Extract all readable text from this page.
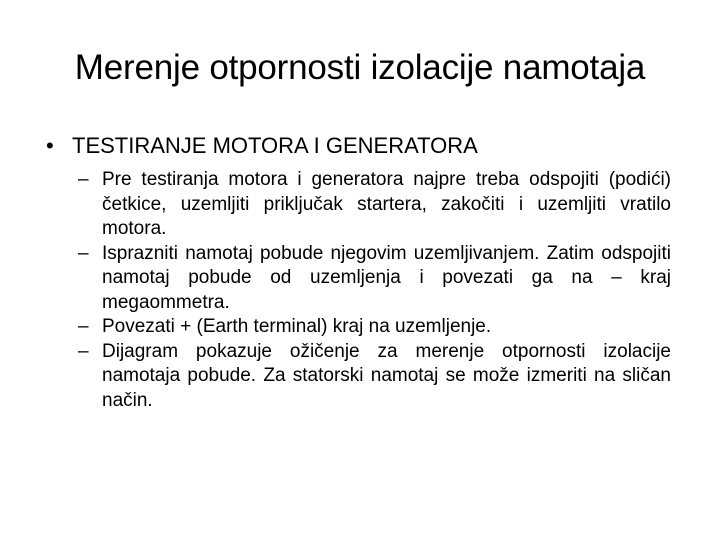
Merenje otpornosti izolacije namotaja
• TESTIRANJE MOTORA I GENERATORA

– Pre testiranja motora i generatora najpre treba odspojiti (podići) četkice, uzemljiti priključak startera, zakočiti i uzemljiti vratilo motora.

– Isprazniti namotaj pobude njegovim uzemljivanjem. Zatim odspojiti namotaj pobude od uzemljenja i povezati ga na – kraj megaommetra.

– Povezati + (Earth terminal) kraj na uzemljenje.

– Dijagram pokazuje ožičenje za merenje otpornosti izolacije namotaja pobude. Za statorski namotaj se može izmeriti na sličan način.
